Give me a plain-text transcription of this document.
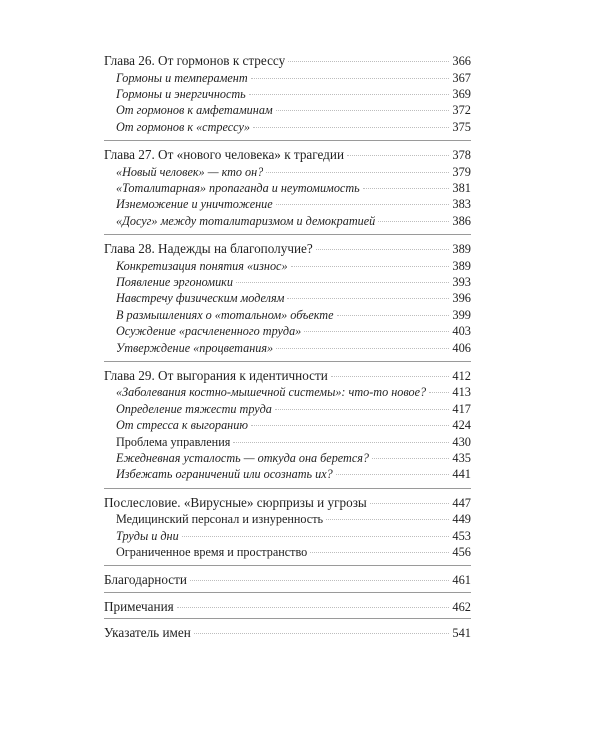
Глава 26. От гормонов к стрессу	366
Гормоны и темперамент	367
Гормоны и энергичность	369
От гормонов к амфетаминам	372
От гормонов к «стрессу»	375
Глава 27. От «нового человека» к трагедии	378
«Новый человек» — кто он?	379
«Тоталитарная» пропаганда и неутомимость	381
Изнеможение и уничтожение	383
«Досуг» между тоталитаризмом и демократией	386
Глава 28. Надежды на благополучие?	389
Конкретизация понятия «износ»	389
Появление эргономики	393
Навстречу физическим моделям	396
В размышлениях о «тотальном» объекте	399
Осуждение «расчлененного труда»	403
Утверждение «процветания»	406
Глава 29. От выгорания к идентичности	412
«Заболевания костно-мышечной системы»: что-то новое? 413
Определение тяжести труда	417
От стресса к выгоранию	424
Проблема управления	430
Ежедневная усталость — откуда она берется?	435
Избежать ограничений или осознать их?	441
Послесловие. «Вирусные» сюрпризы и угрозы	447
Медицинский персонал и изнуренность	449
Труды и дни	453
Ограниченное время и пространство	456
Благодарности	461
Примечания	462
Указатель имен	541
